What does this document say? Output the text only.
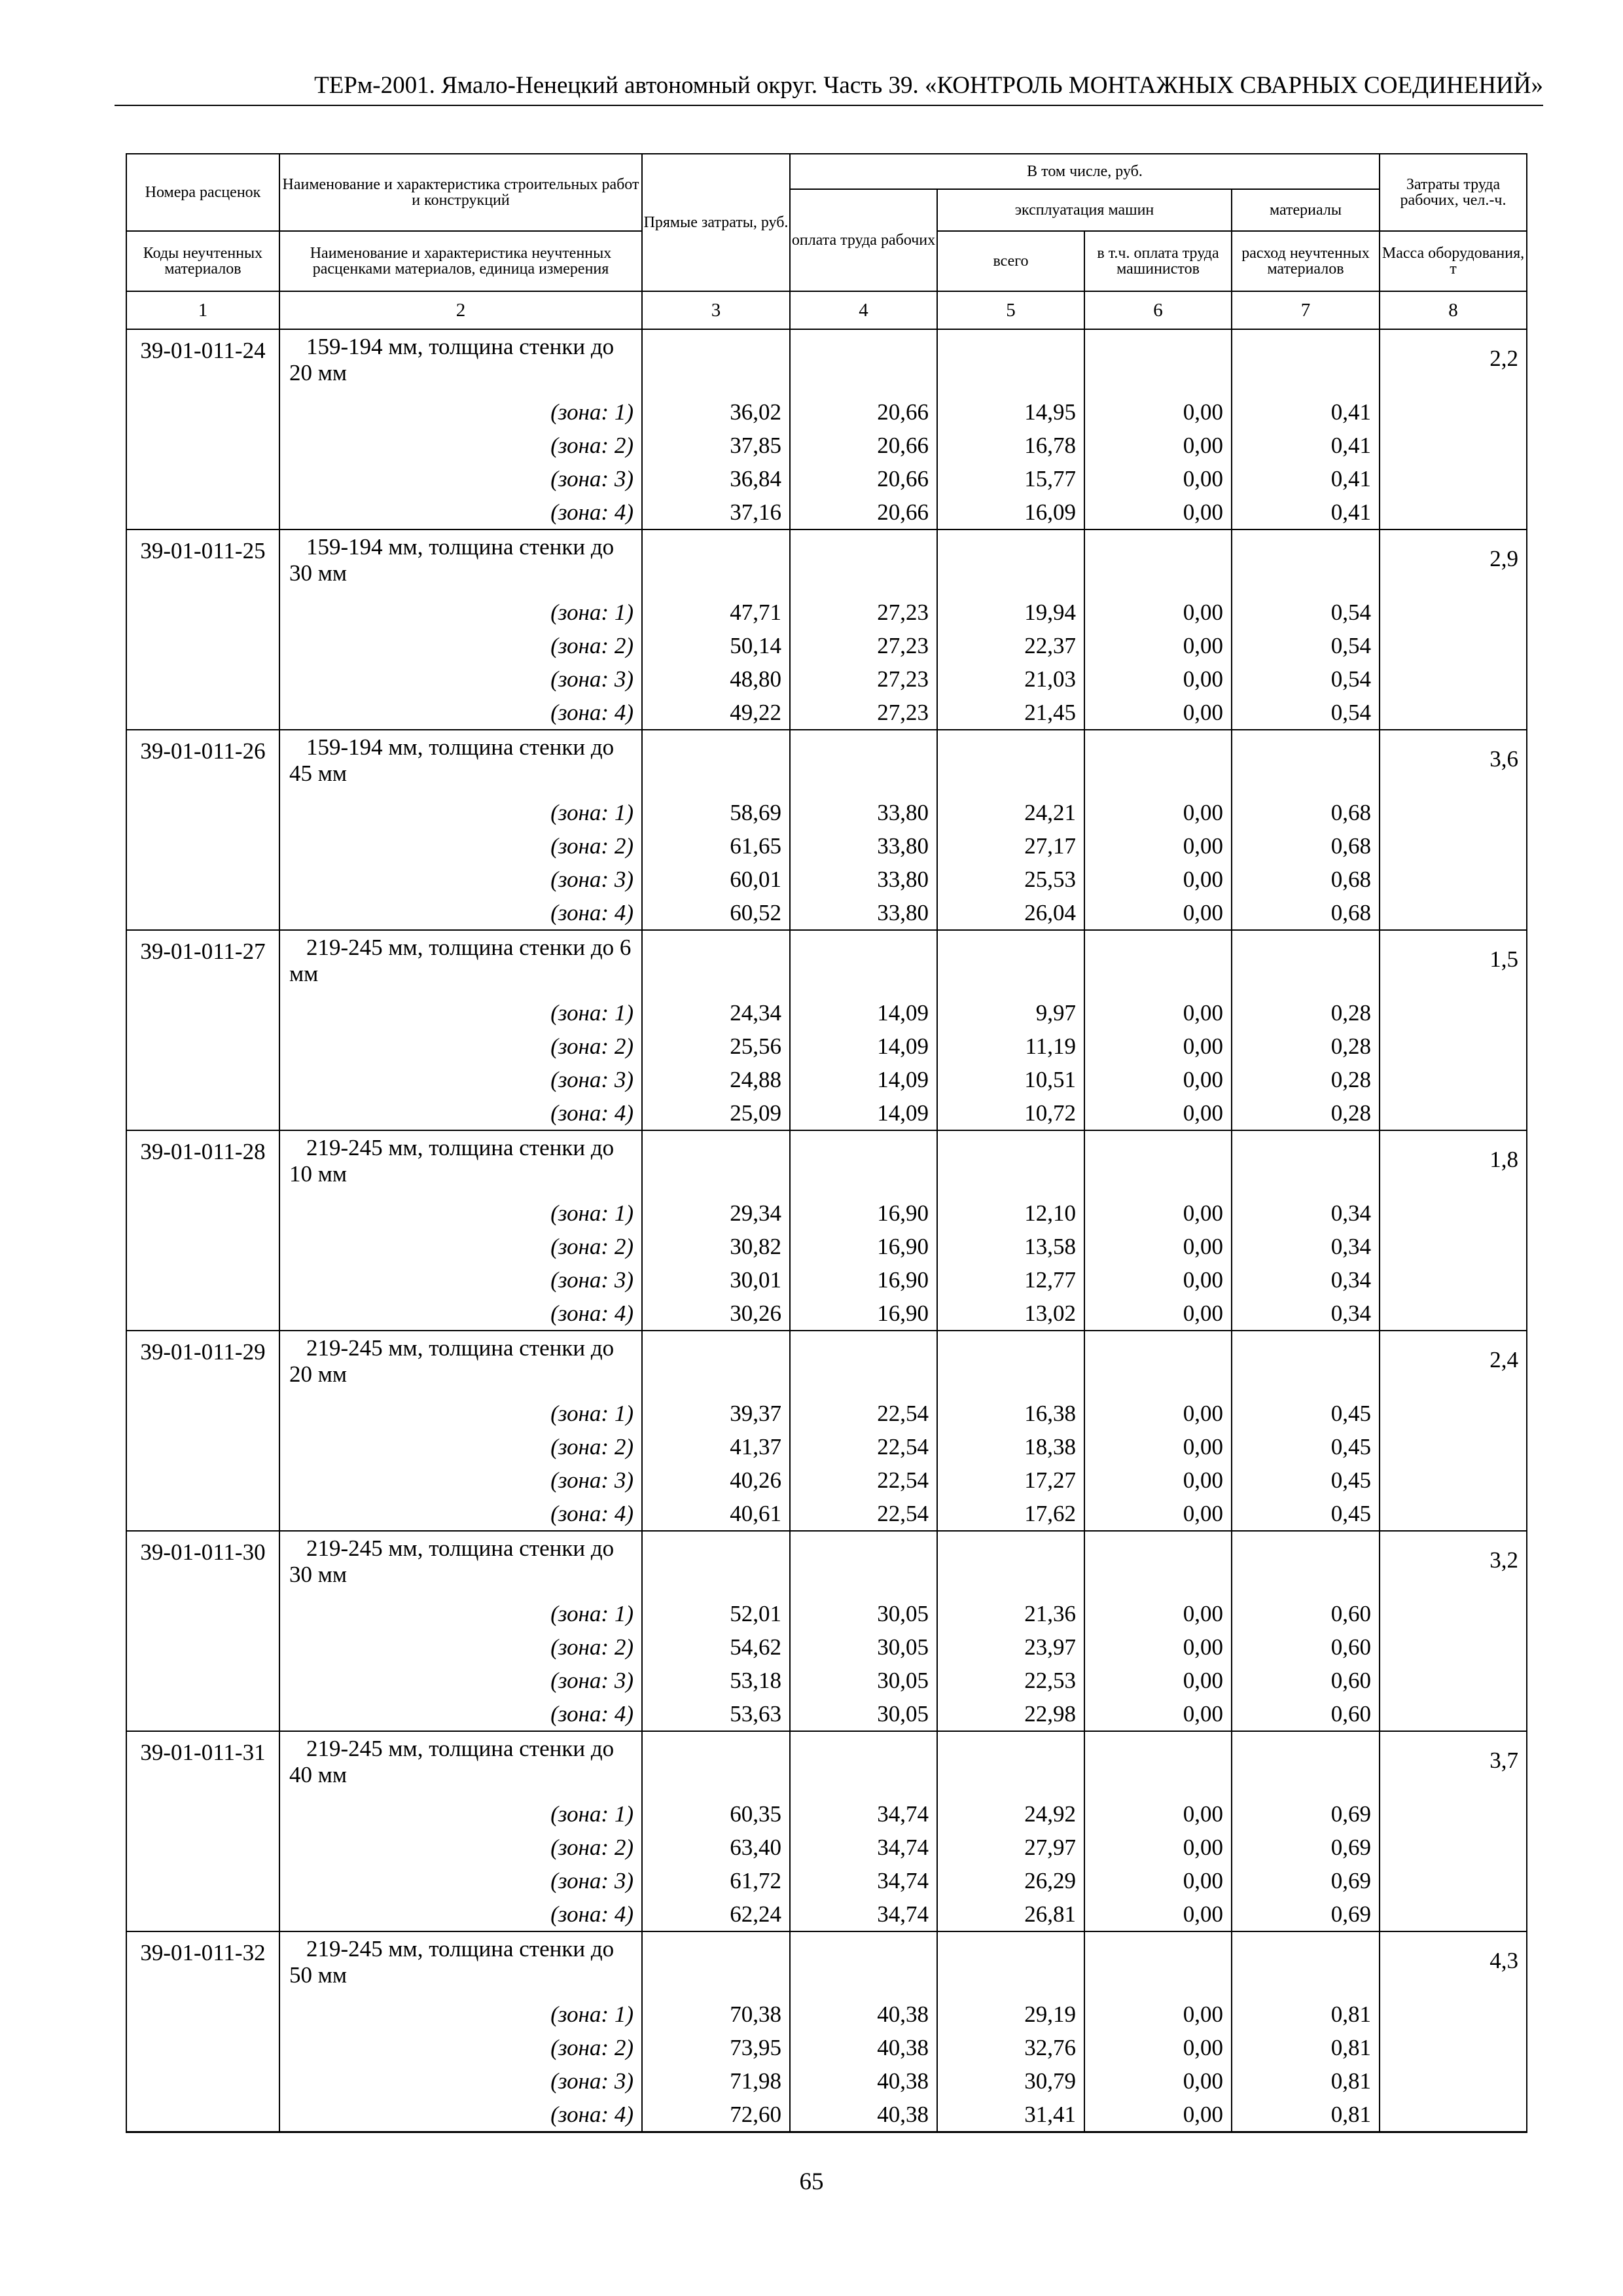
ТЕРм-2001. Ямало-Ненецкий автономный округ. Часть 39. «КОНТРОЛЬ МОНТАЖНЫХ СВАРНЫХ СОЕДИНЕНИЙ»
Номера расценок	Наименование и характеристика строительных работ и конструкций	Прямые затраты, руб.	В том числе, руб.				Затраты труда рабочих, чел.-ч.
			оплата труда рабочих	эксплуатация машин		материалы	
Коды неучтенных материалов	Наименование и характеристика неучтенных расценками материалов, единица измерения			всего	в т.ч. оплата труда машинистов	расход неучтенных материалов	Масса оборудования, т
1	2	3	4	5	6	7	8
39-01-011-24	159-194 мм, толщина стенки до 20 мм						2,2
	(зона: 1)	36,02	20,66	14,95	0,00	0,41	
	(зона: 2)	37,85	20,66	16,78	0,00	0,41	
	(зона: 3)	36,84	20,66	15,77	0,00	0,41	
	(зона: 4)	37,16	20,66	16,09	0,00	0,41	
39-01-011-25	159-194 мм, толщина стенки до 30 мм						2,9
	(зона: 1)	47,71	27,23	19,94	0,00	0,54	
	(зона: 2)	50,14	27,23	22,37	0,00	0,54	
	(зона: 3)	48,80	27,23	21,03	0,00	0,54	
	(зона: 4)	49,22	27,23	21,45	0,00	0,54	
39-01-011-26	159-194 мм, толщина стенки до 45 мм						3,6
	(зона: 1)	58,69	33,80	24,21	0,00	0,68	
	(зона: 2)	61,65	33,80	27,17	0,00	0,68	
	(зона: 3)	60,01	33,80	25,53	0,00	0,68	
	(зона: 4)	60,52	33,80	26,04	0,00	0,68	
39-01-011-27	219-245 мм, толщина стенки до 6 мм						1,5
	(зона: 1)	24,34	14,09	9,97	0,00	0,28	
	(зона: 2)	25,56	14,09	11,19	0,00	0,28	
	(зона: 3)	24,88	14,09	10,51	0,00	0,28	
	(зона: 4)	25,09	14,09	10,72	0,00	0,28	
39-01-011-28	219-245 мм, толщина стенки до 10 мм						1,8
	(зона: 1)	29,34	16,90	12,10	0,00	0,34	
	(зона: 2)	30,82	16,90	13,58	0,00	0,34	
	(зона: 3)	30,01	16,90	12,77	0,00	0,34	
	(зона: 4)	30,26	16,90	13,02	0,00	0,34	
39-01-011-29	219-245 мм, толщина стенки до 20 мм						2,4
	(зона: 1)	39,37	22,54	16,38	0,00	0,45	
	(зона: 2)	41,37	22,54	18,38	0,00	0,45	
	(зона: 3)	40,26	22,54	17,27	0,00	0,45	
	(зона: 4)	40,61	22,54	17,62	0,00	0,45	
39-01-011-30	219-245 мм, толщина стенки до 30 мм						3,2
	(зона: 1)	52,01	30,05	21,36	0,00	0,60	
	(зона: 2)	54,62	30,05	23,97	0,00	0,60	
	(зона: 3)	53,18	30,05	22,53	0,00	0,60	
	(зона: 4)	53,63	30,05	22,98	0,00	0,60	
39-01-011-31	219-245 мм, толщина стенки до 40 мм						3,7
	(зона: 1)	60,35	34,74	24,92	0,00	0,69	
	(зона: 2)	63,40	34,74	27,97	0,00	0,69	
	(зона: 3)	61,72	34,74	26,29	0,00	0,69	
	(зона: 4)	62,24	34,74	26,81	0,00	0,69	
39-01-011-32	219-245 мм, толщина стенки до 50 мм						4,3
	(зона: 1)	70,38	40,38	29,19	0,00	0,81	
	(зона: 2)	73,95	40,38	32,76	0,00	0,81	
	(зона: 3)	71,98	40,38	30,79	0,00	0,81	
	(зона: 4)	72,60	40,38	31,41	0,00	0,81	
65
